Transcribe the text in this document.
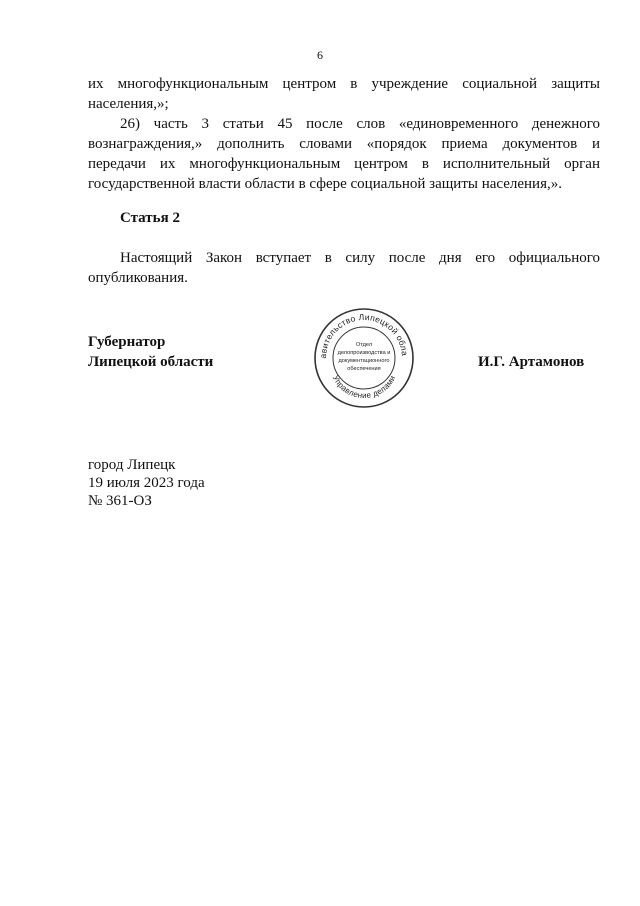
6
их многофункциональным центром в учреждение социальной защиты
населения,»;
26) часть 3 статьи 45 после слов «единовременного денежного
вознаграждения,» дополнить словами «порядок приема документов и
передачи их многофункциональным центром в исполнительный орган
государственной власти области в сфере социальной защиты населения,».
Статья 2
Настоящий Закон вступает в силу после дня его официального
опубликования.
Губернатор
Липецкой области	И.Г. Артамонов
авительство Липецкой обла
Управление делами
Отдел
делопроизводства и
документационного
обеспечения
город Липецк
19 июля 2023 года
№ 361-ОЗ
